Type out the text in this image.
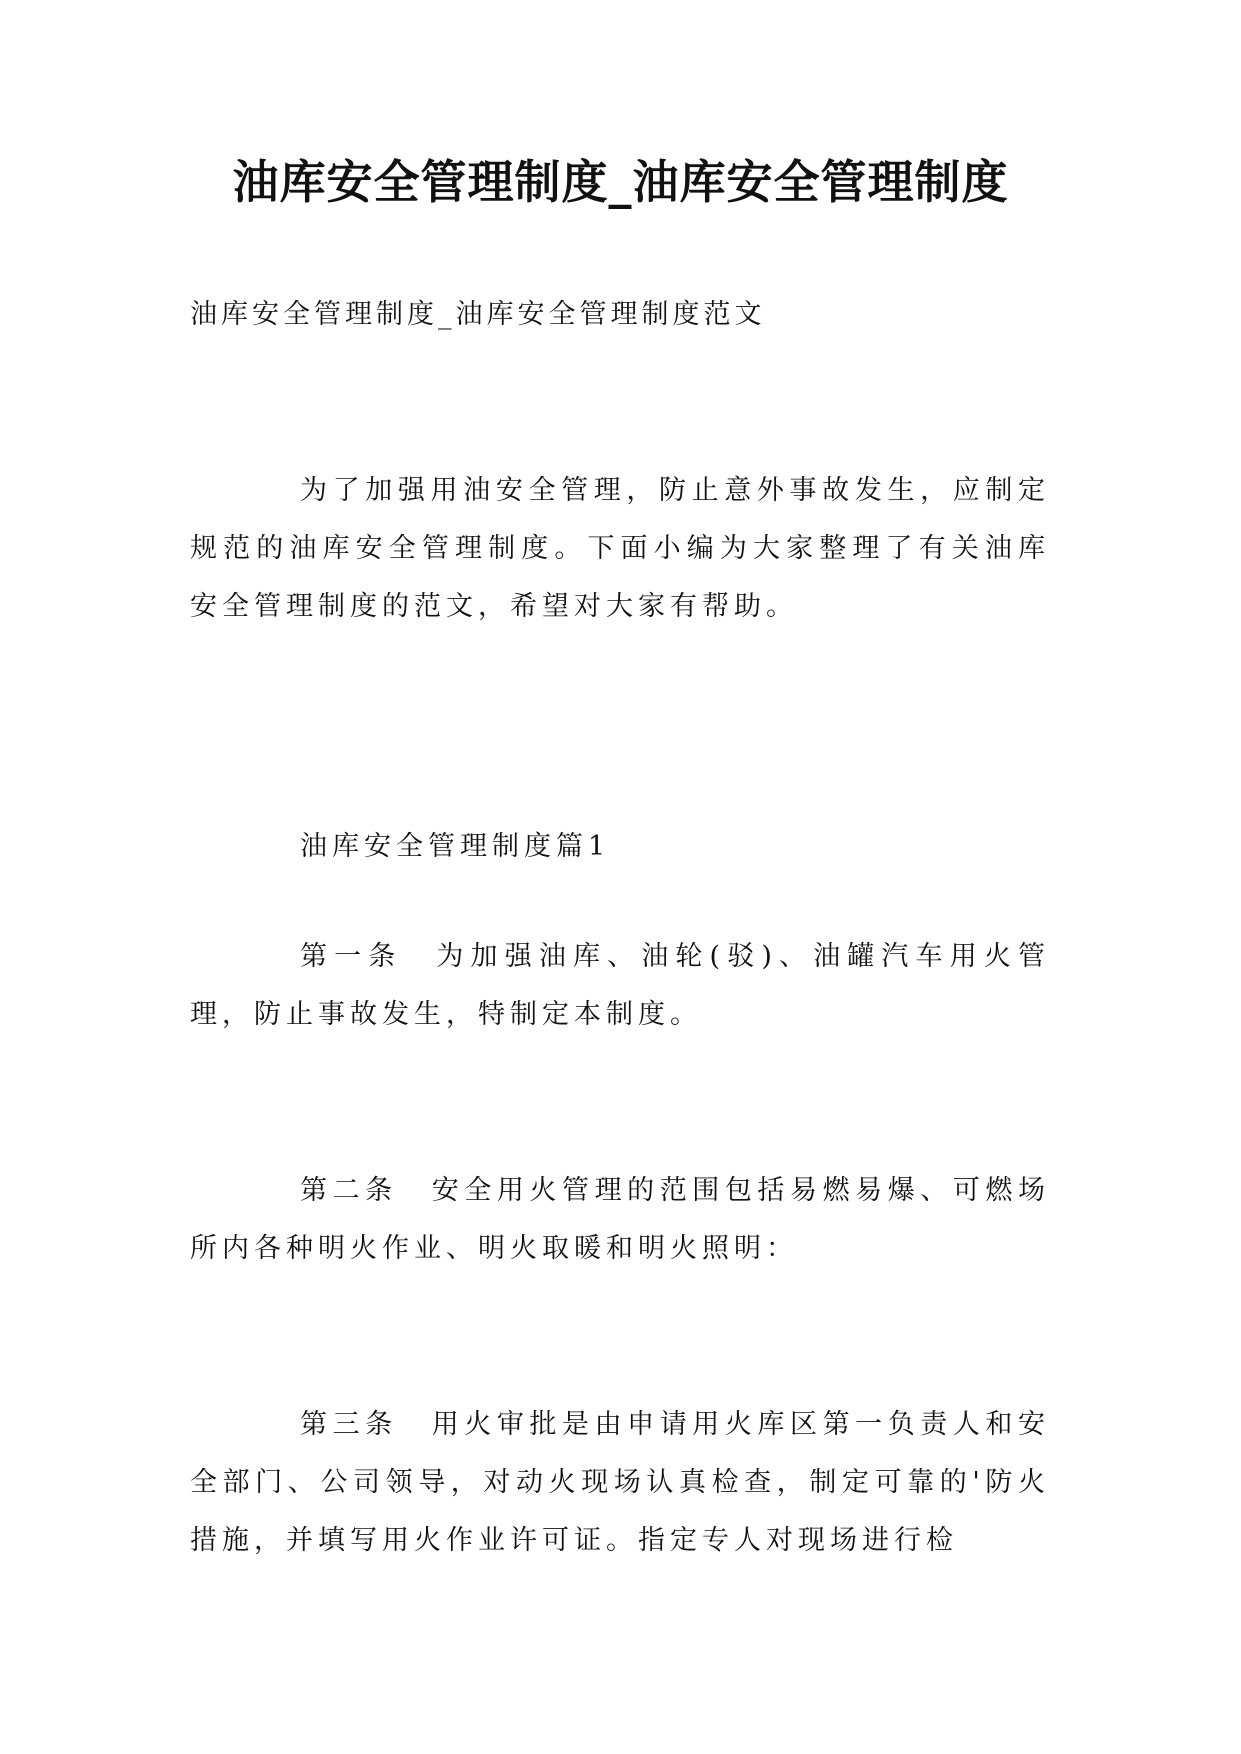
油库安全管理制度_油库安全管理制度

油库安全管理制度_油库安全管理制度范文

为了加强用油安全管理，防止意外事故发生，应制定规范的油库安全管理制度。下面小编为大家整理了有关油库安全管理制度的范文，希望对大家有帮助。

油库安全管理制度篇1

第一条 为加强油库、油轮(驳)、油罐汽车用火管理，防止事故发生，特制定本制度。

第二条 安全用火管理的范围包括易燃易爆、可燃场所内各种明火作业、明火取暖和明火照明：

第三条 用火审批是由申请用火库区第一负责人和安全部门、公司领导，对动火现场认真检查，制定可靠的'防火措施，并填写用火作业许可证。指定专人对现场进行检
